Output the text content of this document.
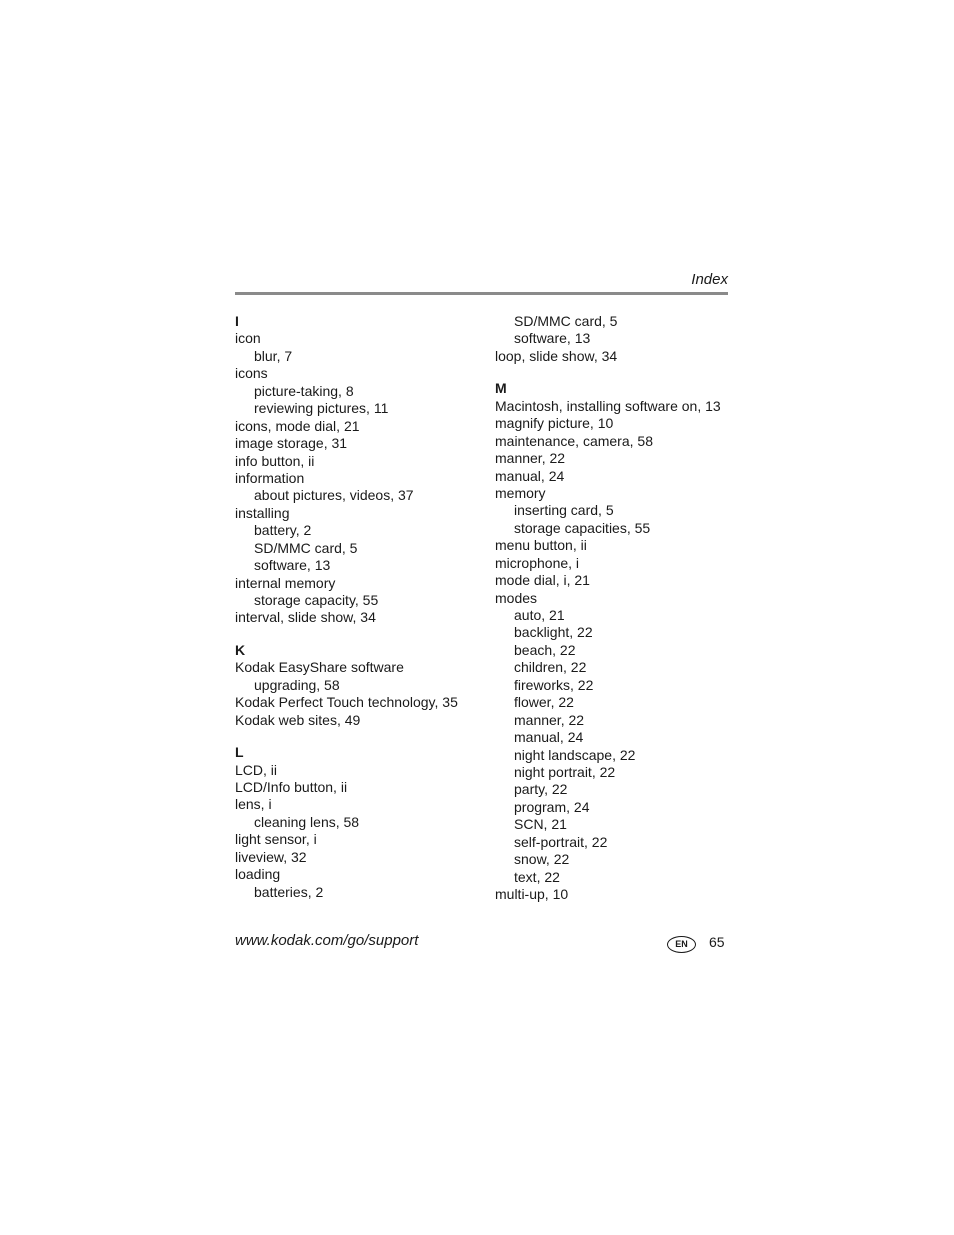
Index
I
icon
blur, 7
icons
picture-taking, 8
reviewing pictures, 11
icons, mode dial, 21
image storage, 31
info button, ii
information
about pictures, videos, 37
installing
battery, 2
SD/MMC card, 5
software, 13
internal memory
storage capacity, 55
interval, slide show, 34
K
Kodak EasyShare software
upgrading, 58
Kodak Perfect Touch technology, 35
Kodak web sites, 49
L
LCD, ii
LCD/Info button, ii
lens, i
cleaning lens, 58
light sensor, i
liveview, 32
loading
batteries, 2
SD/MMC card, 5
software, 13
loop, slide show, 34
M
Macintosh, installing software on, 13
magnify picture, 10
maintenance, camera, 58
manner, 22
manual, 24
memory
inserting card, 5
storage capacities, 55
menu button, ii
microphone, i
mode dial, i, 21
modes
auto, 21
backlight, 22
beach, 22
children, 22
fireworks, 22
flower, 22
manner, 22
manual, 24
night landscape, 22
night portrait, 22
party, 22
program, 24
SCN, 21
self-portrait, 22
snow, 22
text, 22
multi-up, 10
www.kodak.com/go/support	EN	65
